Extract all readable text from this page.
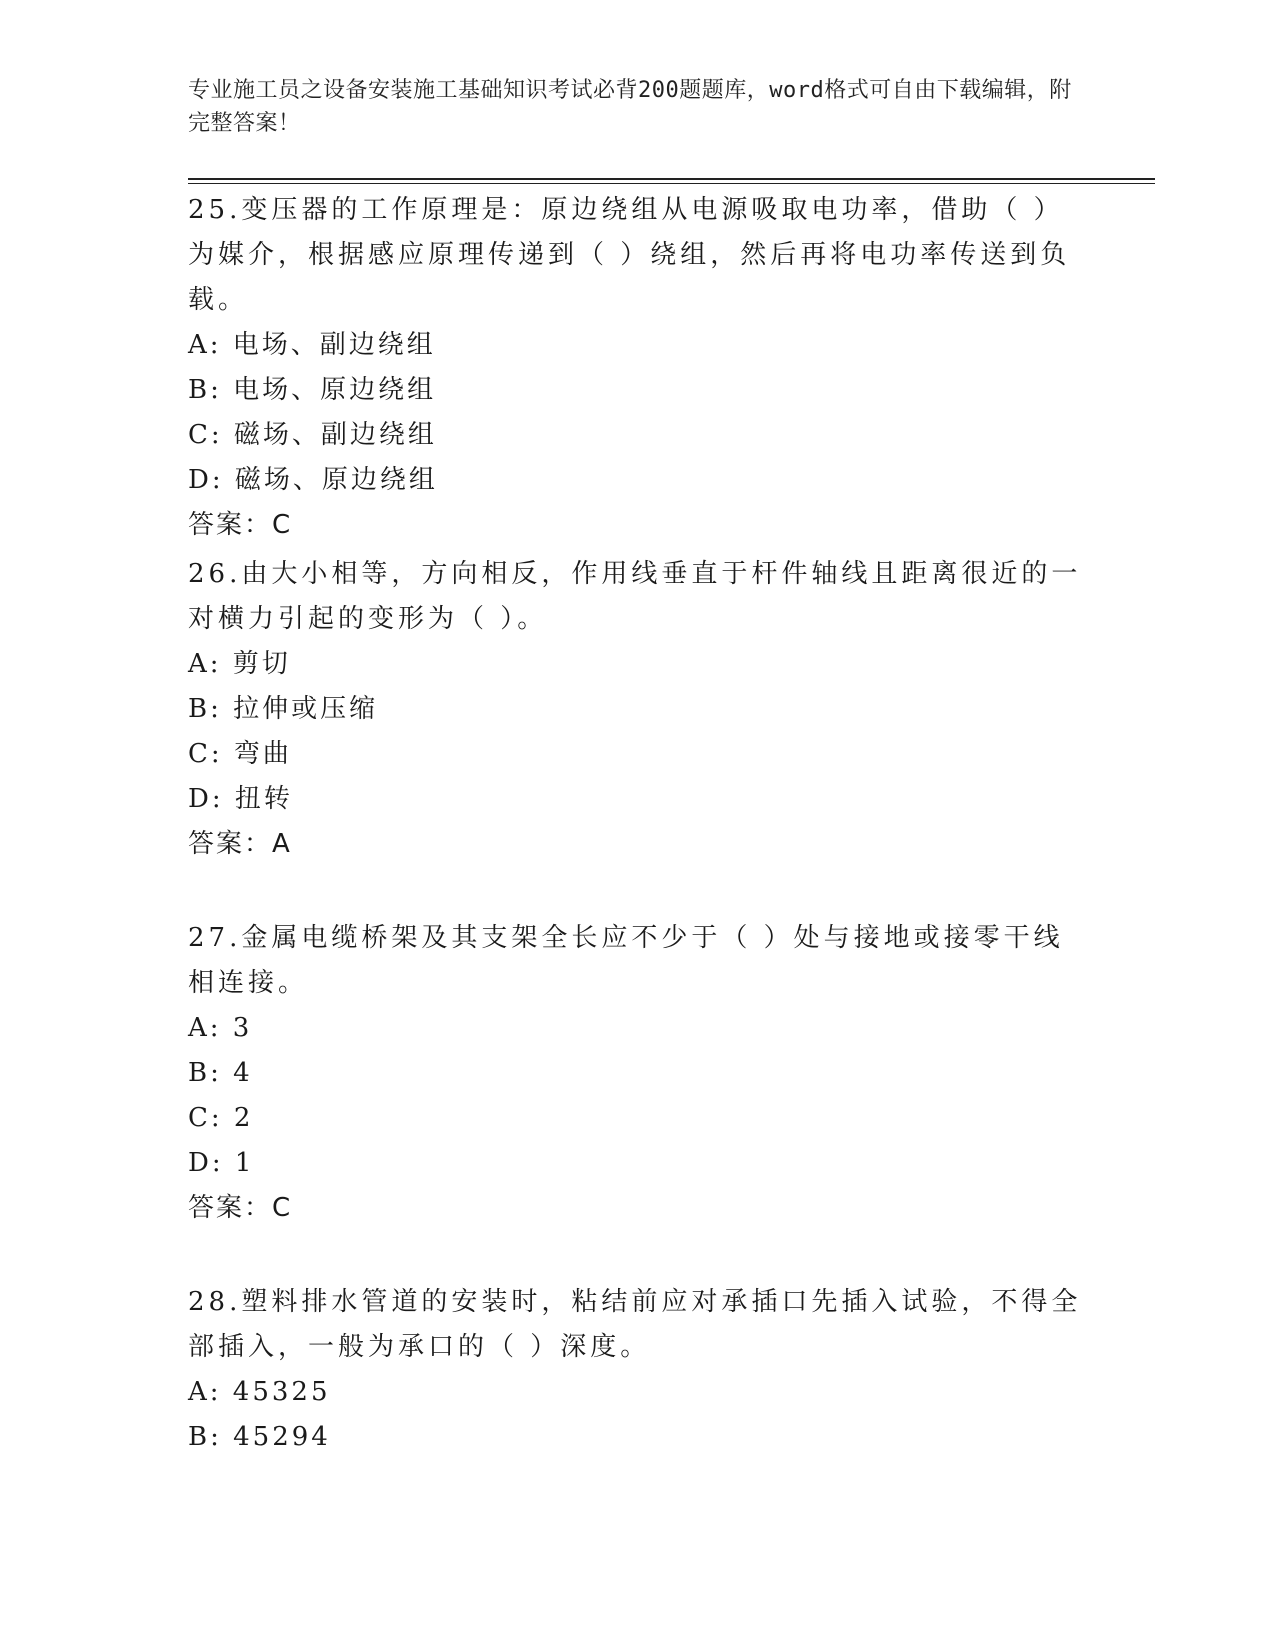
专业施工员之设备安装施工基础知识考试必背200题题库，word格式可自由下载编辑，附完整答案！

25.变压器的工作原理是：原边绕组从电源吸取电功率，借助（ ）为媒介，根据感应原理传递到（ ）绕组，然后再将电功率传送到负载。

A: 电场、副边绕组

B: 电场、原边绕组

C: 磁场、副边绕组

D: 磁场、原边绕组

答案：C

26.由大小相等，方向相反，作用线垂直于杆件轴线且距离很近的一对横力引起的变形为（ ）。

A: 剪切

B: 拉伸或压缩

C: 弯曲

D: 扭转

答案：A

27.金属电缆桥架及其支架全长应不少于（ ）处与接地或接零干线相连接。

A: 3

B: 4

C: 2

D: 1

答案：C

28.塑料排水管道的安装时，粘结前应对承插口先插入试验，不得全部插入，一般为承口的（ ）深度。

A: 45325

B: 45294
